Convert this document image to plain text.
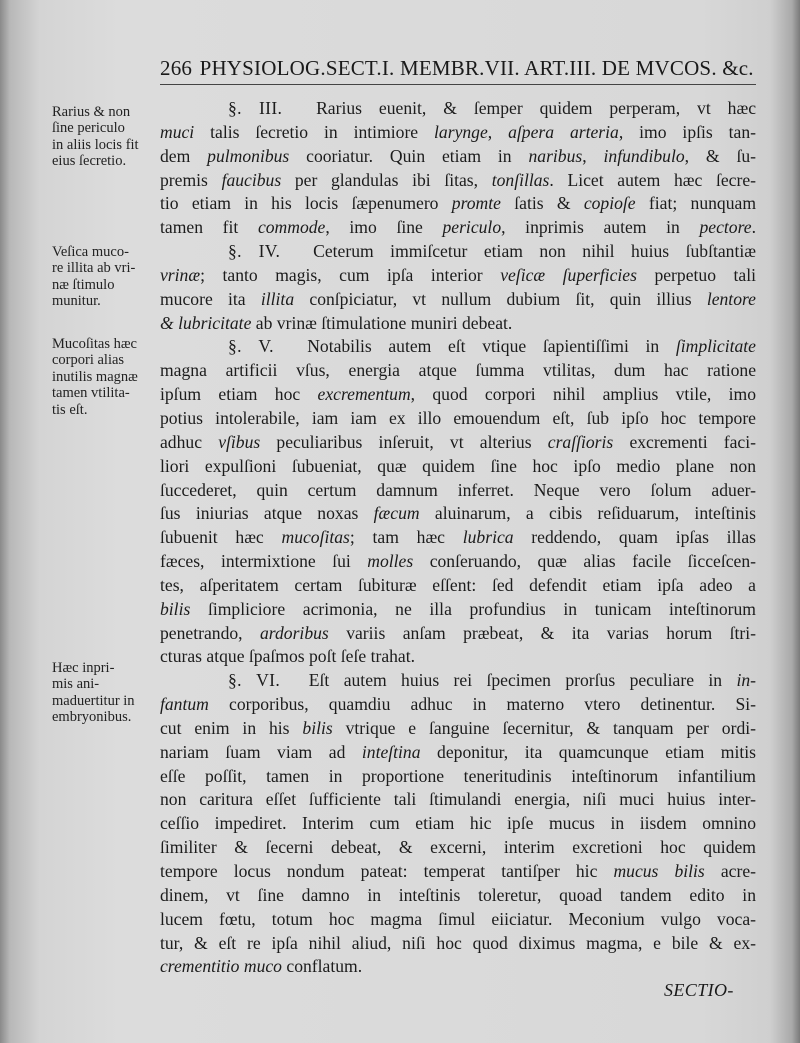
266 PHYSIOLOG.SECT.I. MEMBR.VII. ART.III. DE MVCOS. &c.
Rarius & non
ſine periculo
in aliis locis fit
eius ſecretio.
Veſica muco-
re illita ab vri-
næ ſtimulo
munitur.
Mucoſitas hæc
corpori alias
inutilis magnæ
tamen vtilita-
tis eſt.
Hæc inpri-
mis ani-
maduertitur in
embryonibus.
§. III. Rarius euenit, & ſemper quidem perperam, vt hæc
muci talis ſecretio in intimiore larynge, aſpera arteria, imo ipſis tan-
dem pulmonibus cooriatur. Quin etiam in naribus, infundibulo, & ſu-
premis faucibus per glandulas ibi ſitas, tonſillas. Licet autem hæc ſecre-
tio etiam in his locis ſæpenumero promte ſatis & copioſe fiat; nunquam
tamen fit commode, imo ſine periculo, inprimis autem in pectore.
§. IV. Ceterum immiſcetur etiam non nihil huius ſubſtantiæ
vrinæ; tanto magis, cum ipſa interior veſicæ ſuperficies perpetuo tali
mucore ita illita conſpiciatur, vt nullum dubium ſit, quin illius lentore
& lubricitate ab vrinæ ſtimulatione muniri debeat.
§. V. Notabilis autem eſt vtique ſapientiſſimi in ſimplicitate
magna artificii vſus, energia atque ſumma vtilitas, dum hac ratione
ipſum etiam hoc excrementum, quod corpori nihil amplius vtile, imo
potius intolerabile, iam iam ex illo emouendum eſt, ſub ipſo hoc tempore
adhuc vſibus peculiaribus inſeruit, vt alterius craſſioris excrementi faci-
liori expulſioni ſubueniat, quæ quidem ſine hoc ipſo medio plane non
ſuccederet, quin certum damnum inferret. Neque vero ſolum aduer-
ſus iniurias atque noxas fæcum aluinarum, a cibis reſiduarum, inteſtinis
ſubuenit hæc mucoſitas; tam hæc lubrica reddendo, quam ipſas illas
fæces, intermixtione ſui molles conſeruando, quæ alias facile ſicceſcen-
tes, aſperitatem certam ſubituræ eſſent: ſed defendit etiam ipſa adeo a
bilis ſimpliciore acrimonia, ne illa profundius in tunicam inteſtinorum
penetrando, ardoribus variis anſam præbeat, & ita varias horum ſtri-
cturas atque ſpaſmos poſt ſeſe trahat.
§. VI. Eſt autem huius rei ſpecimen prorſus peculiare in in-
fantum corporibus, quamdiu adhuc in materno vtero detinentur. Si-
cut enim in his bilis vtrique e ſanguine ſecernitur, & tanquam per ordi-
nariam ſuam viam ad inteſtina deponitur, ita quamcunque etiam mitis
eſſe poſſit, tamen in proportione teneritudinis inteſtinorum infantilium
non caritura eſſet ſufficiente tali ſtimulandi energia, niſi muci huius inter-
ceſſio impediret. Interim cum etiam hic ipſe mucus in iisdem omnino
ſimiliter & ſecerni debeat, & excerni, interim excretioni hoc quidem
tempore locus nondum pateat: temperat tantiſper hic mucus bilis acre-
dinem, vt ſine damno in inteſtinis toleretur, quoad tandem edito in
lucem fœtu, totum hoc magma ſimul eiiciatur. Meconium vulgo voca-
tur, & eſt re ipſa nihil aliud, niſi hoc quod diximus magma, e bile & ex-
crementitio muco conflatum.
SECTIO-
